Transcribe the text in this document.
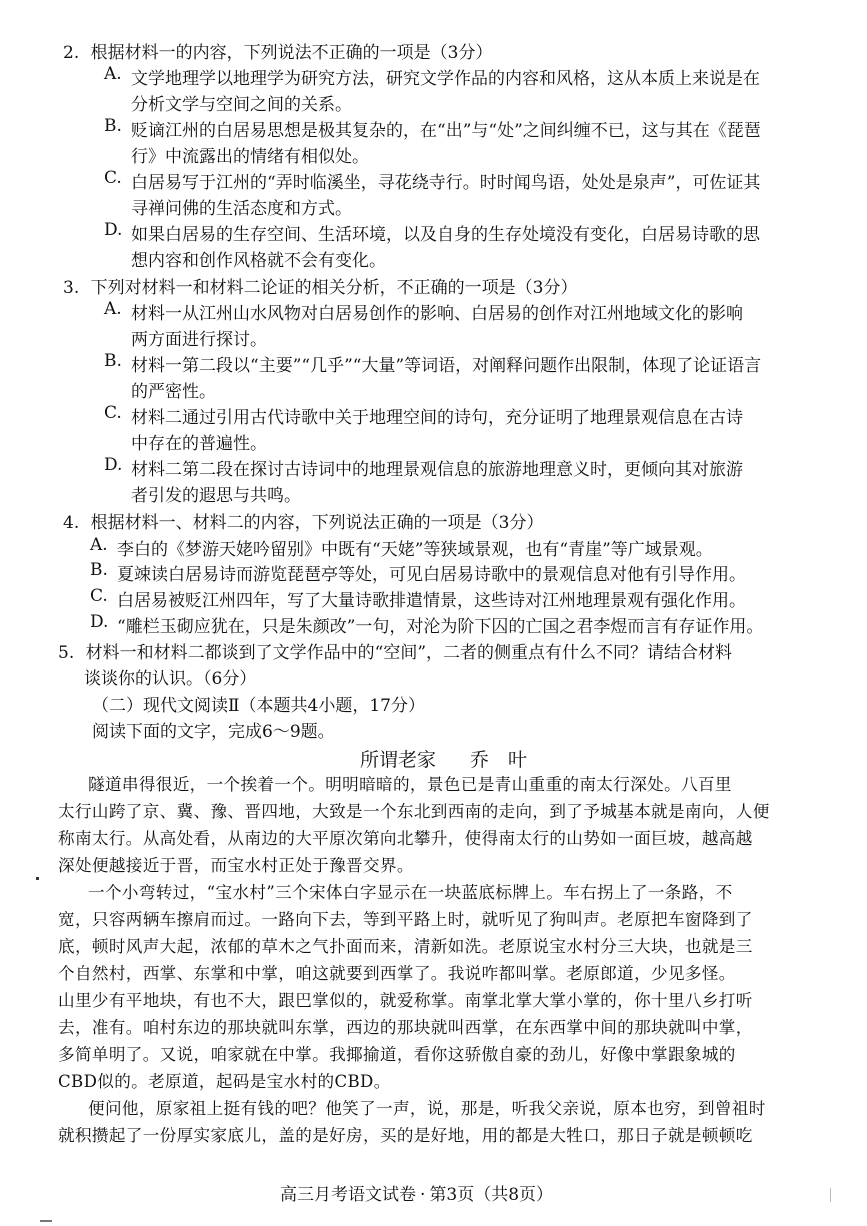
2. 根据材料一的内容，下列说法不正确的一项是（3分）
A. 文学地理学以地理学为研究方法，研究文学作品的内容和风格，这从本质上来说是在
分析文学与空间之间的关系。
B. 贬谪江州的白居易思想是极其复杂的，在“出”与“处”之间纠缠不已，这与其在《琵琶
行》中流露出的情绪有相似处。
C. 白居易写于江州的“弄时临溪坐，寻花绕寺行。时时闻鸟语，处处是泉声”，可佐证其
寻禅问佛的生活态度和方式。
D. 如果白居易的生存空间、生活环境，以及自身的生存处境没有变化，白居易诗歌的思
想内容和创作风格就不会有变化。
3. 下列对材料一和材料二论证的相关分析，不正确的一项是（3分）
A. 材料一从江州山水风物对白居易创作的影响、白居易的创作对江州地域文化的影响
两方面进行探讨。
B. 材料一第二段以“主要”“几乎”“大量”等词语，对阐释问题作出限制，体现了论证语言
的严密性。
C. 材料二通过引用古代诗歌中关于地理空间的诗句，充分证明了地理景观信息在古诗
中存在的普遍性。
D. 材料二第二段在探讨古诗词中的地理景观信息的旅游地理意义时，更倾向其对旅游
者引发的遐思与共鸣。
4. 根据材料一、材料二的内容，下列说法正确的一项是（3分）
A. 李白的《梦游天姥吟留别》中既有“天姥”等狭域景观，也有“青崖”等广域景观。
B. 夏竦读白居易诗而游览琵琶亭等处，可见白居易诗歌中的景观信息对他有引导作用。
C. 白居易被贬江州四年，写了大量诗歌排遣情景，这些诗对江州地理景观有强化作用。
D. “雕栏玉砌应犹在，只是朱颜改”一句，对沦为阶下囚的亡国之君李煜而言有存证作用。
5. 材料一和材料二都谈到了文学作品中的“空间”，二者的侧重点有什么不同？请结合材料
谈谈你的认识。（6分）
（二）现代文阅读Ⅱ（本题共4小题，17分）
阅读下面的文字，完成6～9题。
所谓老家 乔　叶
隧道串得很近，一个挨着一个。明明暗暗的，景色已是青山重重的南太行深处。八百里
太行山跨了京、冀、豫、晋四地，大致是一个东北到西南的走向，到了予城基本就是南向，人便
称南太行。从高处看，从南边的大平原次第向北攀升，使得南太行的山势如一面巨坡，越高越
深处便越接近于晋，而宝水村正处于豫晋交界。
一个小弯转过，“宝水村”三个宋体白字显示在一块蓝底标牌上。车右拐上了一条路，不
宽，只容两辆车擦肩而过。一路向下去，等到平路上时，就听见了狗叫声。老原把车窗降到了
底，顿时风声大起，浓郁的草木之气扑面而来，清新如洗。老原说宝水村分三大块，也就是三
个自然村，西掌、东掌和中掌，咱这就要到西掌了。我说咋都叫掌。老原郎道，少见多怪。
山里少有平地块，有也不大，跟巴掌似的，就爱称掌。南掌北掌大掌小掌的，你十里八乡打听
去，准有。咱村东边的那块就叫东掌，西边的那块就叫西掌，在东西掌中间的那块就叫中掌，
多简单明了。又说，咱家就在中掌。我揶揄道，看你这骄傲自豪的劲儿，好像中掌跟象城的
CBD似的。老原道，起码是宝水村的CBD。
便问他，原家祖上挺有钱的吧？他笑了一声，说，那是，听我父亲说，原本也穷，到曾祖时
就积攒起了一份厚实家底儿，盖的是好房，买的是好地，用的都是大牲口，那日子就是顿顿吃
高三月考语文试卷 · 第3页（共8页）
